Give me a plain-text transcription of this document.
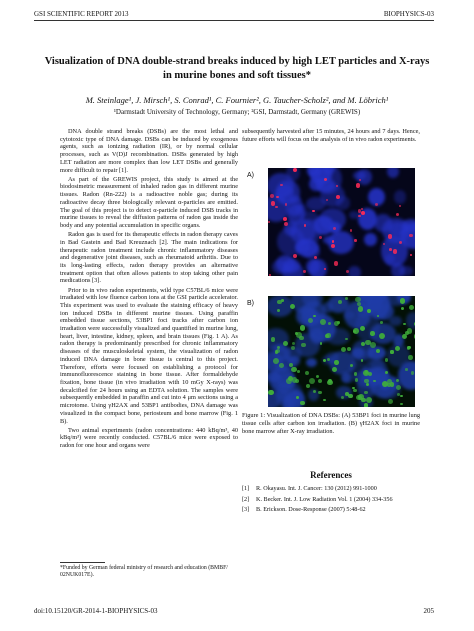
GSI SCIENTIFIC REPORT 2013	BIOPHYSICS-03
Visualization of DNA double-strand breaks induced by high LET particles and X-rays in murine bones and soft tissues*
M. Steinlage¹, J. Mirsch¹, S. Conrad¹, C. Fournier², G. Taucher-Scholz², and M. Löbrich¹
¹Darmstadt University of Technology, Germany; ²GSI, Darmstadt, Germany (GREWIS)

DNA double strand breaks (DSBs) are the most lethal and cytotoxic type of DNA damage. DSBs can be induced by exogenous agents, such as ionizing radiation (IR), or by normal cellular processes, such as V(D)J recombination. DSBs generated by high LET radiation are more complex than low LET DSBs and generally more difficult to repair [1].

As part of the GREWIS project, this study is aimed at the biodosimetric measurement of inhaled radon gas in different murine tissues. Radon (Rn-222) is a radioactive noble gas; during its radioactive decay three biologically relevant α-particles are emitted. The goal of this project is to detect α-particle induced DSB tracks in murine tissues to reveal the diffusion patterns of radon gas inside the body and any potential accumulation in specific organs.

Radon gas is used for its therapeutic effects in radon therapy caves in Bad Gastein and Bad Kreuznach [2]. The main indications for therapeutic radon treatment include chronic inflammatory diseases and degenerative joint diseases, such as rheumatoid arthritis. Due to its long-lasting effects, radon therapy provides an alternative treatment option that often allows patients to stop taking other pain medications [3].

Prior to in vivo radon experiments, wild type C57BL/6 mice were irradiated with low fluence carbon ions at the GSI particle accelerator. This experiment was used to evaluate the staining efficacy of heavy ion induced DSBs in different murine tissues. Using paraffin embedded tissue sections, 53BP1 foci tracks after carbon ion irradiation were successfully visualized and quantified in murine lung, heart, liver, intestine, kidney, spleen, and brain tissues (Fig. 1 A). As radon therapy is predominantly prescribed for chronic inflammatory diseases of the musculoskeletal system, the visualization of radon induced DNA damage in bone tissue is central to this project. Therefore, efforts were focused on establishing a protocol for immunofluorescence staining in bone tissue. After formaldehyde fixation, bone tissue (in vivo irradiation with 10 mGy X-rays) was decalcified for 24 hours using an EDTA solution. The samples were subsequently embedded in paraffin and cut into 4 μm sections using a microtome. Using γH2AX and 53BP1 antibodies, DNA damage was visualized in the compact bone, periosteum and bone marrow (Fig. 1 B).

Two animal experiments (radon concentrations: 440 kBq/m³, 40 kBq/m³) were recently conducted. C57BL/6 mice were exposed to radon for one hour and organs were

subsequently harvested after 15 minutes, 24 hours and 7 days. Hence, future efforts will focus on the analysis of in vivo radon experiments.

A)
B)
Figure 1: Visualization of DNA DSBs: (A) 53BP1 foci in murine lung tissue cells after carbon ion irradiation. (B) γH2AX foci in murine bone marrow after X-ray irradiation.
References
[1]	R. Okayasu. Int. J. Cancer: 130 (2012) 991-1000
[2]	K. Becker. Int. J. Low Radiation Vol. 1 (2004) 334-356
[3]	B. Erickson. Dose-Response (2007) 5:48-62
*Funded by German federal ministry of research and education (BMBF/ 02NUK017E).
doi:10.15120/GR-2014-1-BIOPHYSICS-03	205
